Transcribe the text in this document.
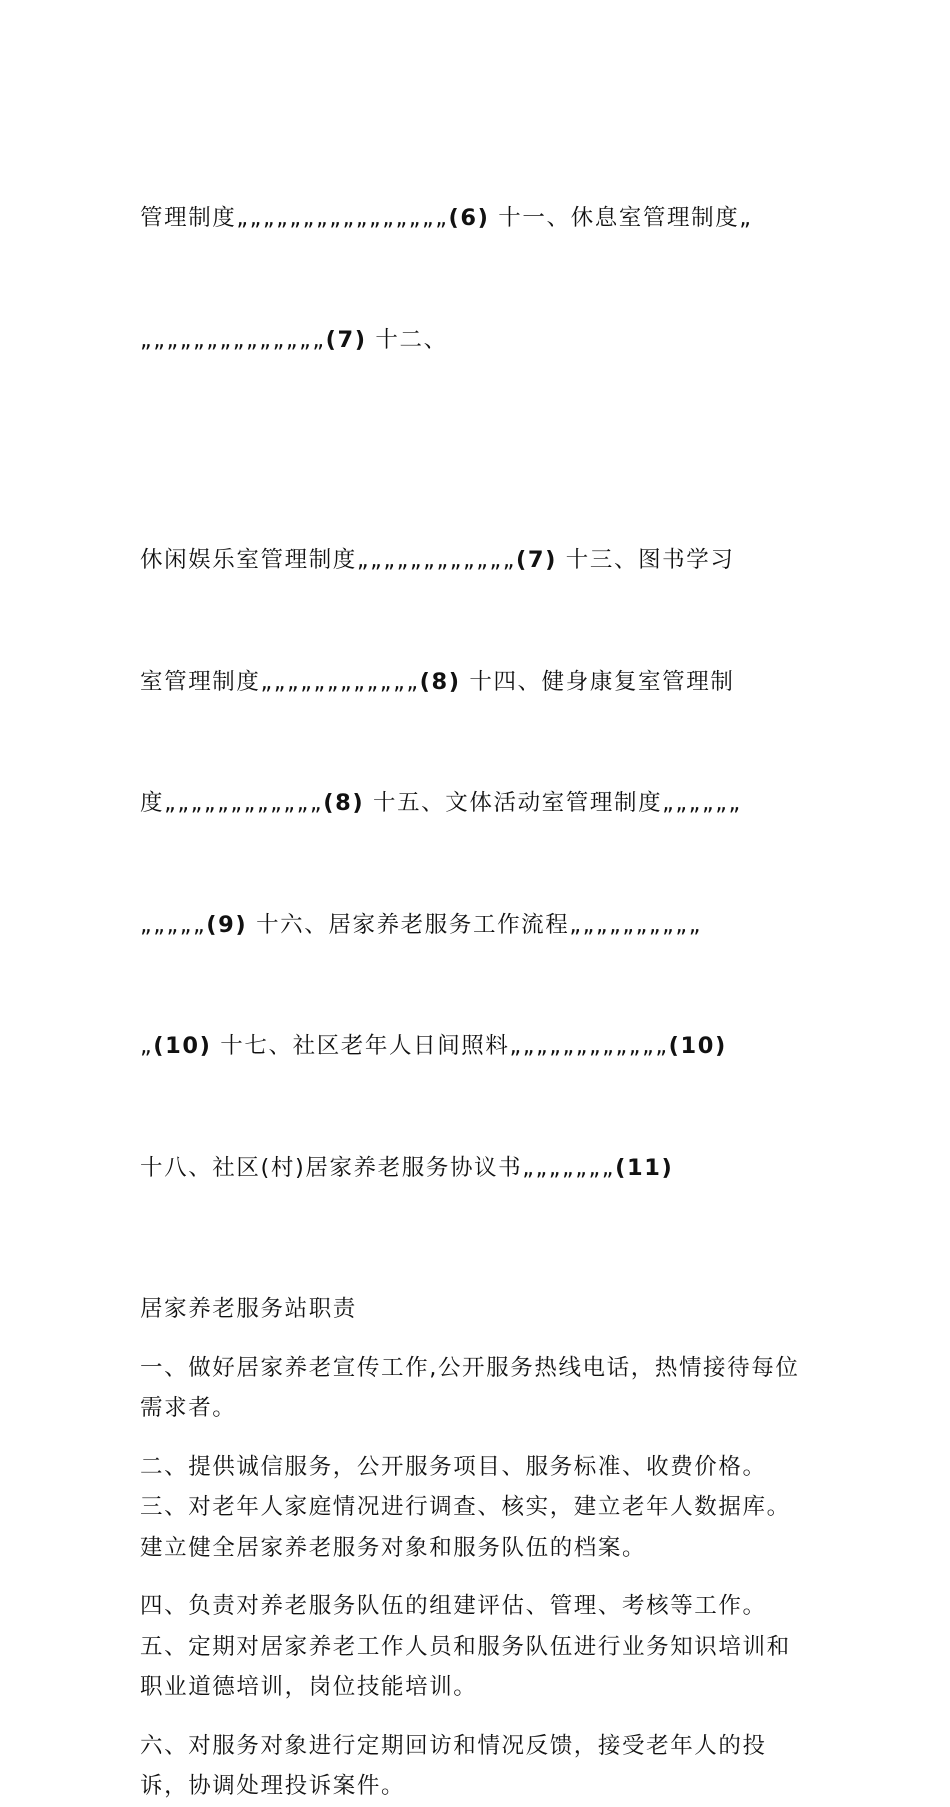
管理制度„„„„„„„„„„„„„„„„(6) 十一、休息室管理制度„

„„„„„„„„„„„„„„(7) 十二、

休闲娱乐室管理制度„„„„„„„„„„„„(7) 十三、图书学习

室管理制度„„„„„„„„„„„„(8) 十四、健身康复室管理制

度„„„„„„„„„„„„(8) 十五、文体活动室管理制度„„„„„„

„„„„„(9) 十六、居家养老服务工作流程„„„„„„„„„„

„(10) 十七、社区老年人日间照料„„„„„„„„„„„„(10)

十八、社区(村)居家养老服务协议书„„„„„„„(11)

居家养老服务站职责

一、做好居家养老宣传工作,公开服务热线电话，热情接待每位需求者。

二、提供诚信服务，公开服务项目、服务标准、收费价格。 三、对老年人家庭情况进行调查、核实，建立老年人数据库。建立健全居家养老服务对象和服务队伍的档案。

四、负责对养老服务队伍的组建评估、管理、考核等工作。 五、定期对居家养老工作人员和服务队伍进行业务知识培训和职业道德培训，岗位技能培训。

六、对服务对象进行定期回访和情况反馈，接受老年人的投诉，协调处理投诉案件。
